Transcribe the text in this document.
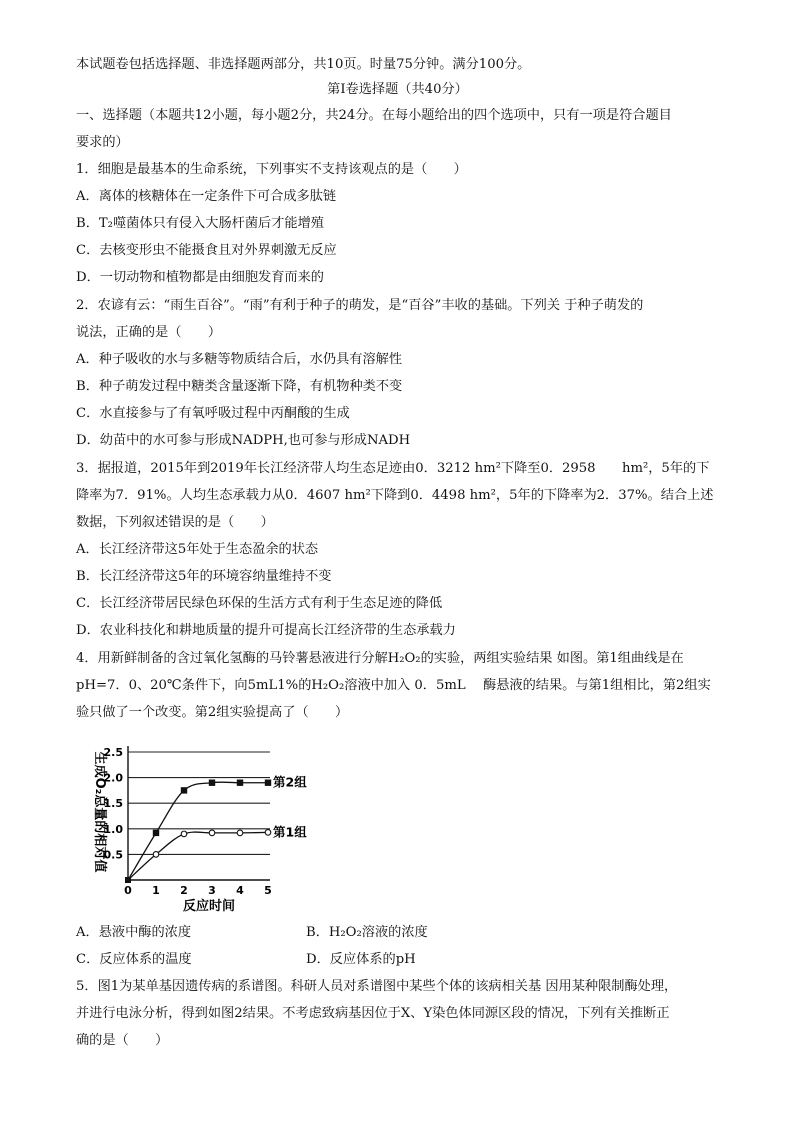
本试题卷包括选择题、非选择题两部分，共10页。时量75分钟。满分100分。
第Ⅰ卷选择题（共40分）
一、选择题（本题共12小题，每小题2分，共24分。在每小题给出的四个选项中，只有一项是符合题目
要求的）
1．细胞是最基本的生命系统，下列事实不支持该观点的是（　　）
A．离体的核糖体在一定条件下可合成多肽链
B．T₂噬菌体只有侵入大肠杆菌后才能增殖
C．去核变形虫不能摄食且对外界刺激无反应
D．一切动物和植物都是由细胞发育而来的
2．农谚有云：“雨生百谷”。“雨”有利于种子的萌发，是“百谷”丰收的基础。下列关 于种子萌发的
说法，正确的是（　　）
A．种子吸收的水与多糖等物质结合后，水仍具有溶解性
B．种子萌发过程中糖类含量逐渐下降，有机物种类不变
C．水直接参与了有氧呼吸过程中丙酮酸的生成
D．幼苗中的水可参与形成NADPH,也可参与形成NADH
3．据报道，2015年到2019年长江经济带人均生态足迹由0．3212 hm²下降至0．2958　　hm²，5年的下
降率为7．91%。人均生态承载力从0．4607 hm²下降到0．4498 hm²，5年的下降率为2．37%。结合上述
数据，下列叙述错误的是（　　）
A．长江经济带这5年处于生态盈余的状态
B．长江经济带这5年的环境容纳量维持不变
C．长江经济带居民绿色环保的生活方式有利于生态足迹的降低
D．农业科技化和耕地质量的提升可提高长江经济带的生态承载力
4．用新鲜制备的含过氧化氢酶的马铃薯悬液进行分解H₂O₂的实验，两组实验结果 如图。第1组曲线是在
pH=7．0、20℃条件下，向5mL1%的H₂O₂溶液中加入 0．5mL　 酶悬液的结果。与第1组相比，第2组实
验只做了一个改变。第2组实验提高了（　　）
0.5
1.0
1.5
2.0
2.5
0 1 2 3 4 5
第2组
第1组
反应时间
生成O₂总量的相对值
A．悬液中酶的浓度	B．H₂O₂溶液的浓度
C．反应体系的温度	D．反应体系的pH
5．图1为某单基因遗传病的系谱图。科研人员对系谱图中某些个体的该病相关基 因用某种限制酶处理，
并进行电泳分析，得到如图2结果。不考虑致病基因位于X、Y染色体同源区段的情况，下列有关推断正
确的是（　　）
